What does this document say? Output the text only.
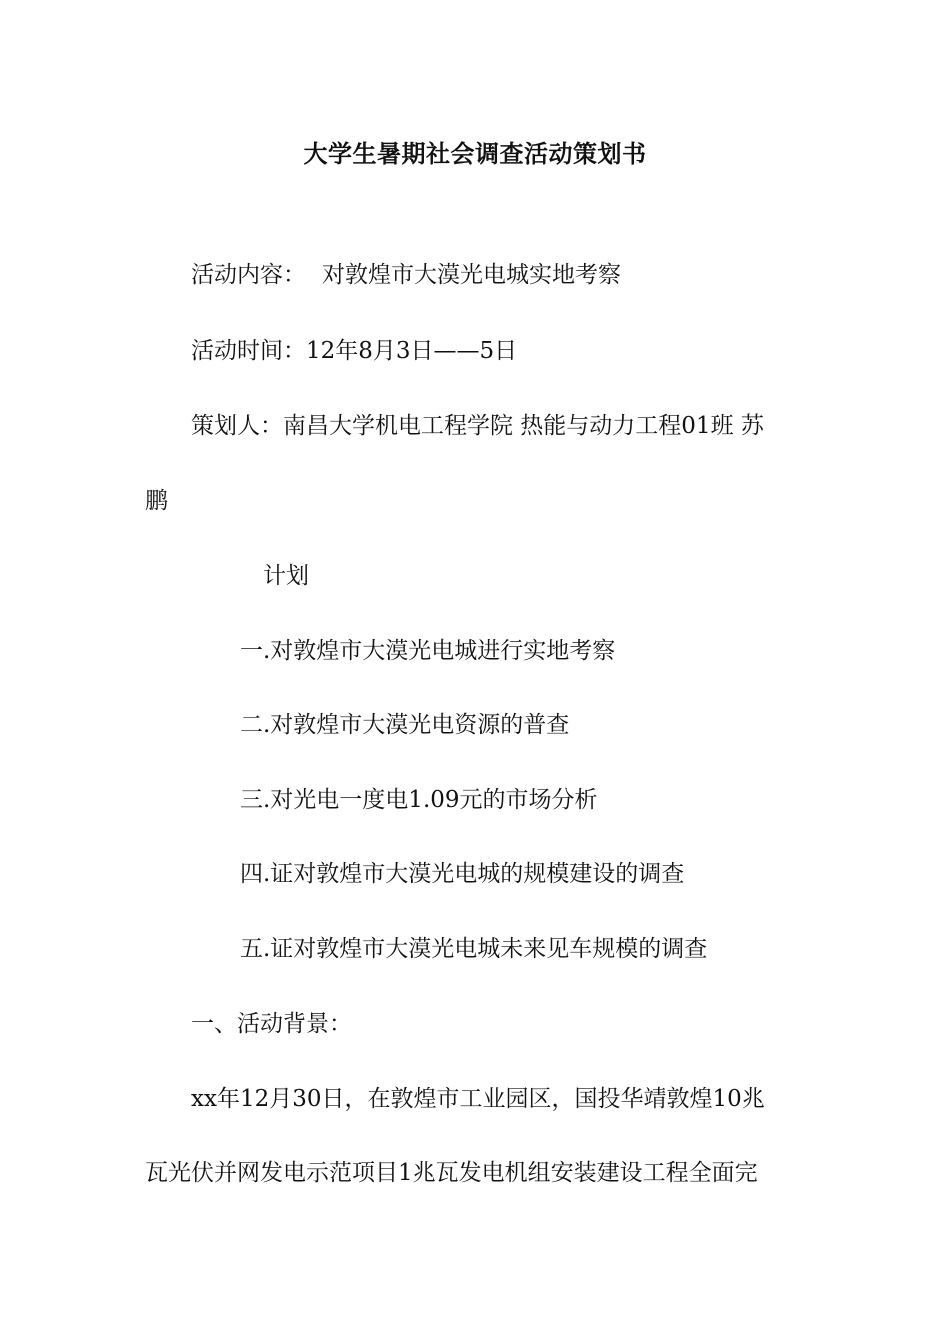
大学生暑期社会调查活动策划书
活动内容： 对敦煌市大漠光电城实地考察
活动时间：12年8月3日——5日
策划人：南昌大学机电工程学院 热能与动力工程01班 苏
鹏
计划
一.对敦煌市大漠光电城进行实地考察
二.对敦煌市大漠光电资源的普查
三.对光电一度电1.09元的市场分析
四.证对敦煌市大漠光电城的规模建设的调查
五.证对敦煌市大漠光电城未来见车规模的调查
一、活动背景：
xx年12月30日，在敦煌市工业园区，国投华靖敦煌10兆
瓦光伏并网发电示范项目1兆瓦发电机组安装建设工程全面完
